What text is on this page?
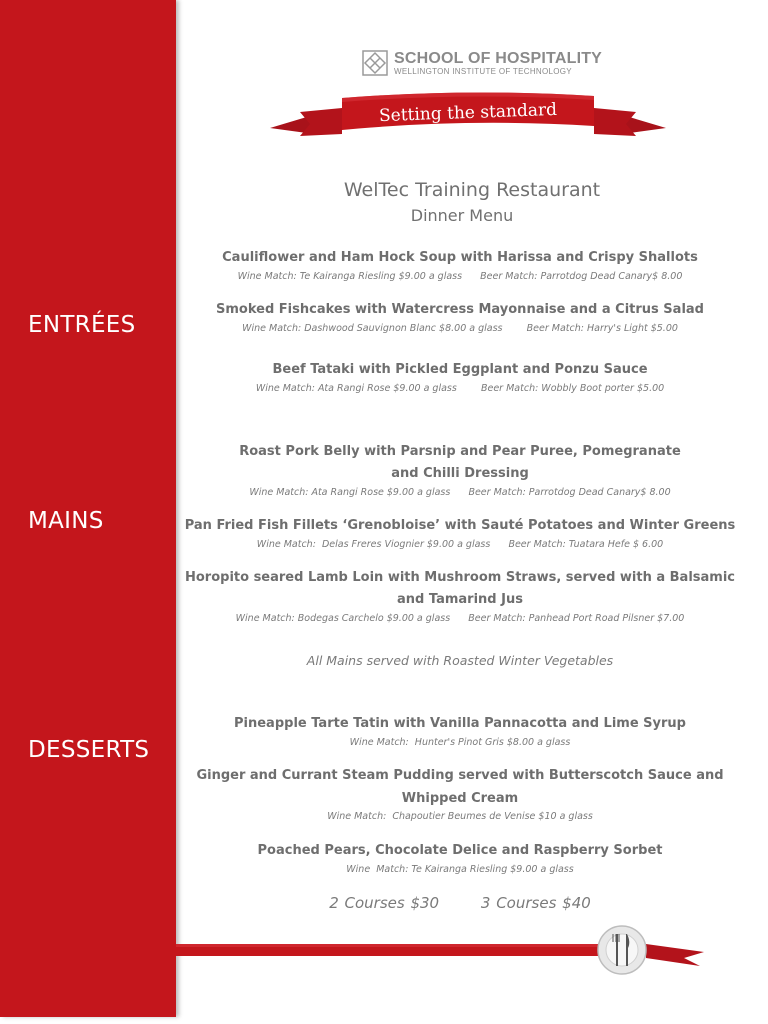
ENTRÉES
MAINS
DESSERTS
SCHOOL OF HOSPITALITY
WELLINGTON INSTITUTE OF TECHNOLOGY
Setting the standard
WelTec Training Restaurant
Dinner Menu
Cauliflower and Ham Hock Soup with Harissa and Crispy Shallots
Wine Match: Te Kairanga Riesling $9.00 a glass      Beer Match: Parrotdog Dead Canary$ 8.00
Smoked Fishcakes with Watercress Mayonnaise and a Citrus Salad
Wine Match: Dashwood Sauvignon Blanc $8.00 a glass        Beer Match: Harry's Light $5.00
Beef Tataki with Pickled Eggplant and Ponzu Sauce
Wine Match: Ata Rangi Rose $9.00 a glass        Beer Match: Wobbly Boot porter $5.00
Roast Pork Belly with Parsnip and Pear Puree, Pomegranate
and Chilli Dressing
Wine Match: Ata Rangi Rose $9.00 a glass      Beer Match: Parrotdog Dead Canary$ 8.00
Pan Fried Fish Fillets ‘Grenobloise’ with Sauté Potatoes and Winter Greens
Wine Match:  Delas Freres Viognier $9.00 a glass      Beer Match: Tuatara Hefe $ 6.00
Horopito seared Lamb Loin with Mushroom Straws, served with a Balsamic
and Tamarind Jus
Wine Match: Bodegas Carchelo $9.00 a glass      Beer Match: Panhead Port Road Pilsner $7.00
All Mains served with Roasted Winter Vegetables
Pineapple Tarte Tatin with Vanilla Pannacotta and Lime Syrup
Wine Match:  Hunter's Pinot Gris $8.00 a glass
Ginger and Currant Steam Pudding served with Butterscotch Sauce and
Whipped Cream
Wine Match:  Chapoutier Beumes de Venise $10 a glass
Poached Pears, Chocolate Delice and Raspberry Sorbet
Wine  Match: Te Kairanga Riesling $9.00 a glass
2 Courses $30	3 Courses $40
